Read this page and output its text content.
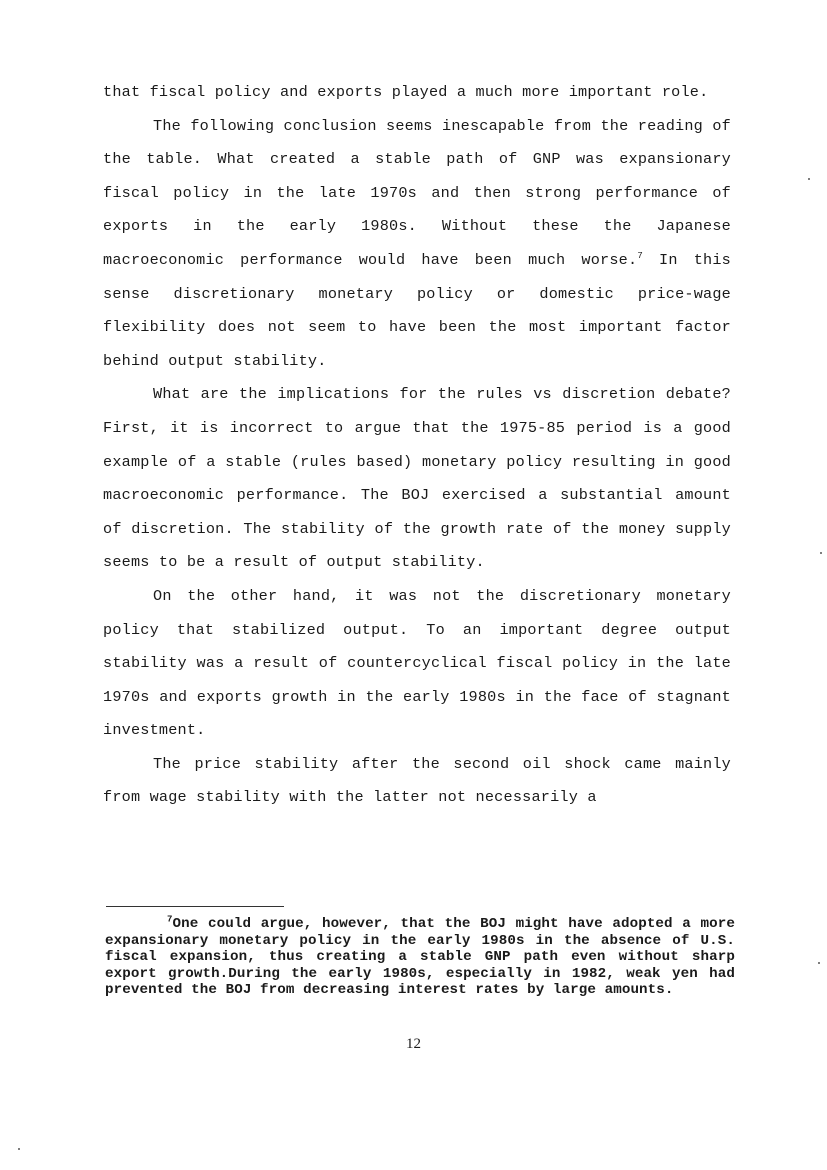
that fiscal policy and exports played a much more important role.

The following conclusion seems inescapable from the reading of the table. What created a stable path of GNP was expansionary fiscal policy in the late 1970s and then strong performance of exports in the early 1980s. Without these the Japanese macroeconomic performance would have been much worse.$^7$ In this sense discretionary monetary policy or domestic price-wage flexibility does not seem to have been the most important factor behind output stability.

What are the implications for the rules vs discretion debate? First, it is incorrect to argue that the 1975-85 period is a good example of a stable (rules based) monetary policy resulting in good macroeconomic performance. The BOJ exercised a substantial amount of discretion. The stability of the growth rate of the money supply seems to be a result of output stability.

On the other hand, it was not the discretionary monetary policy that stabilized output. To an important degree output stability was a result of countercyclical fiscal policy in the late 1970s and exports growth in the early 1980s in the face of stagnant investment.

The price stability after the second oil shock came mainly from wage stability with the latter not necessarily a

$^7$One could argue, however, that the BOJ might have adopted a more expansionary monetary policy in the early 1980s in the absence of U.S. fiscal expansion, thus creating a stable GNP path even without sharp export growth.During the early 1980s, especially in 1982, weak yen had prevented the BOJ from decreasing interest rates by large amounts.

12
